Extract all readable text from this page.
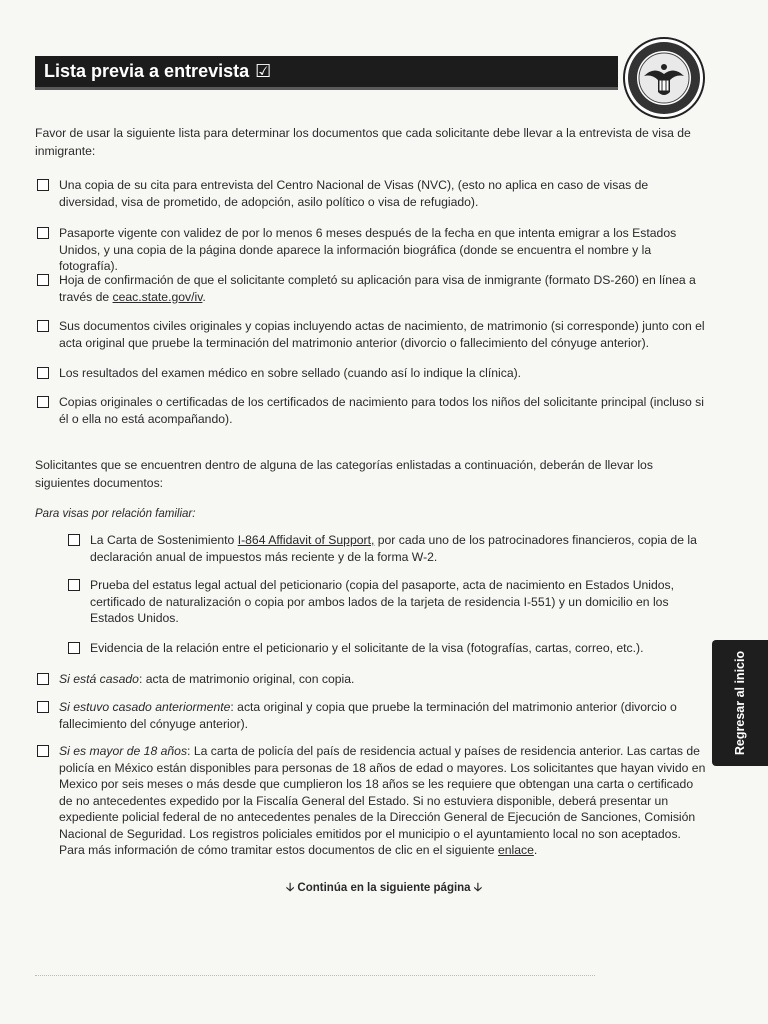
Lista previa a entrevista ☑
Favor de usar la siguiente lista para determinar los documentos que cada solicitante debe llevar a la entrevista de visa de inmigrante:
Una copia de su cita para entrevista del Centro Nacional de Visas (NVC), (esto no aplica en caso de visas de diversidad, visa de prometido, de adopción, asilo político o visa de refugiado).
Pasaporte vigente con validez de por lo menos 6 meses después de la fecha en que intenta emigrar a los Estados Unidos, y una copia de la página donde aparece la información biográfica (donde se encuentra el nombre y la fotografía).
Hoja de confirmación de que el solicitante completó su aplicación para visa de inmigrante (formato DS-260) en línea a través de ceac.state.gov/iv.
Sus documentos civiles originales y copias incluyendo actas de nacimiento, de matrimonio (si corresponde) junto con el acta original que pruebe la terminación del matrimonio anterior (divorcio o fallecimiento del cónyuge anterior).
Los resultados del examen médico en sobre sellado (cuando así lo indique la clínica).
Copias originales o certificadas de los certificados de nacimiento para todos los niños del solicitante principal (incluso si él o ella no está acompañando).
Solicitantes que se encuentren dentro de alguna de las categorías enlistadas a continuación, deberán de llevar los siguientes documentos:
Para visas por relación familiar:
La Carta de Sostenimiento I-864 Affidavit of Support, por cada uno de los patrocinadores financieros, copia de la declaración anual de impuestos más reciente y de la forma W-2.
Prueba del estatus legal actual del peticionario (copia del pasaporte, acta de nacimiento en Estados Unidos, certificado de naturalización o copia por ambos lados de la tarjeta de residencia I-551) y un domicilio en los Estados Unidos.
Evidencia de la relación entre el peticionario y el solicitante de la visa (fotografías, cartas, correo, etc.).
Si está casado: acta de matrimonio original, con copia.
Si estuvo casado anteriormente: acta original y copia que pruebe la terminación del matrimonio anterior (divorcio o fallecimiento del cónyuge anterior).
Si es mayor de 18 años: La carta de policía del país de residencia actual y países de residencia anterior. Las cartas de policía en México están disponibles para personas de 18 años de edad o mayores. Los solicitantes que hayan vivido en Mexico por seis meses o más desde que cumplieron los 18 años se les requiere que obtengan una carta o certificado de no antecedentes expedido por la Fiscalía General del Estado. Si no estuviera disponible, deberá presentar un expediente policial federal de no antecedentes penales de la Dirección General de Ejecución de Sanciones, Comisión Nacional de Seguridad. Los registros policiales emitidos por el municipio o el ayuntamiento local no son aceptados. Para más información de cómo tramitar estos documentos de clic en el siguiente enlace.
🡣 Continúa en la siguiente página 🡣
Regresar al inicio
